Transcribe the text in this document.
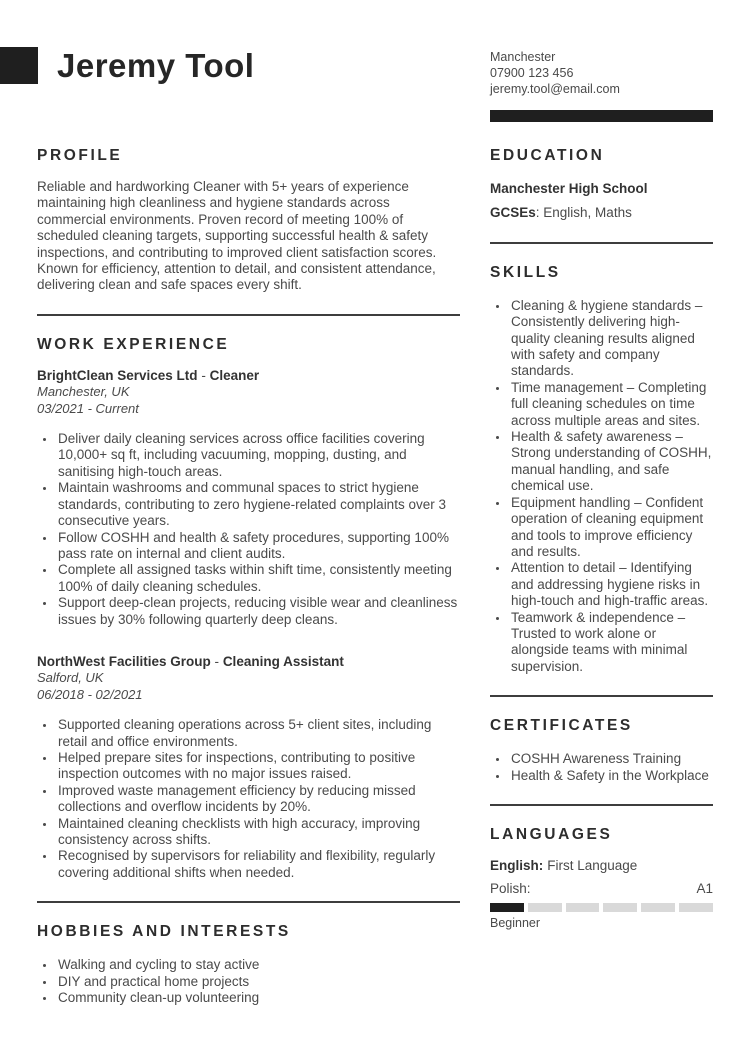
Jeremy Tool	Manchester
07900 123 456
jeremy.tool@email.com
PROFILE

Reliable and hardworking Cleaner with 5+ years of experience maintaining high cleanliness and hygiene standards across commercial environments. Proven record of meeting 100% of scheduled cleaning targets, supporting successful health & safety inspections, and contributing to improved client satisfaction scores. Known for efficiency, attention to detail, and consistent attendance, delivering clean and safe spaces every shift.

WORK EXPERIENCE

BrightClean Services Ltd - Cleaner

Manchester, UK

03/2021 - Current

• Deliver daily cleaning services across office facilities covering 10,000+ sq ft, including vacuuming, mopping, dusting, and sanitising high-touch areas.
• Maintain washrooms and communal spaces to strict hygiene standards, contributing to zero hygiene-related complaints over 3 consecutive years.
• Follow COSHH and health & safety procedures, supporting 100% pass rate on internal and client audits.
• Complete all assigned tasks within shift time, consistently meeting 100% of daily cleaning schedules.
• Support deep-clean projects, reducing visible wear and cleanliness issues by 30% following quarterly deep cleans.

NorthWest Facilities Group - Cleaning Assistant

Salford, UK

06/2018 - 02/2021

• Supported cleaning operations across 5+ client sites, including retail and office environments.
• Helped prepare sites for inspections, contributing to positive inspection outcomes with no major issues raised.
• Improved waste management efficiency by reducing missed collections and overflow incidents by 20%.
• Maintained cleaning checklists with high accuracy, improving consistency across shifts.
• Recognised by supervisors for reliability and flexibility, regularly covering additional shifts when needed.
HOBBIES AND INTERESTS
• Walking and cycling to stay active
• DIY and practical home projects
• Community clean-up volunteering
EDUCATION

Manchester High School

GCSEs: English, Maths

SKILLS
• Cleaning & hygiene standards – Consistently delivering high-quality cleaning results aligned with safety and company standards.
• Time management – Completing full cleaning schedules on time across multiple areas and sites.
• Health & safety awareness – Strong understanding of COSHH, manual handling, and safe chemical use.
• Equipment handling – Confident operation of cleaning equipment and tools to improve efficiency and results.
• Attention to detail – Identifying and addressing hygiene risks in high-touch and high-traffic areas.
• Teamwork & independence – Trusted to work alone or alongside teams with minimal supervision.
CERTIFICATES
• COSHH Awareness Training
• Health & Safety in the Workplace
LANGUAGES

English: First Language

Polish:	A1
Beginner
